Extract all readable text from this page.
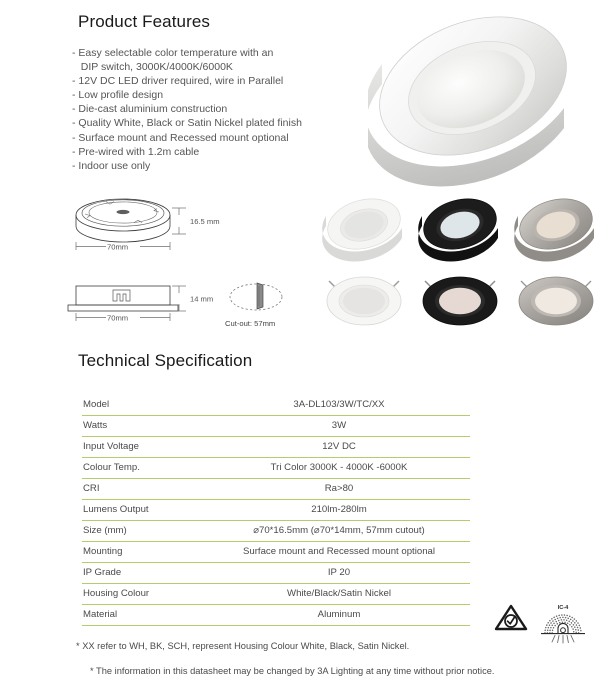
Product Features
- Easy selectable color temperature with an
DIP switch, 3000K/4000K/6000K
- 12V DC LED driver required, wire in Parallel
- Low profile design
- Die-cast aluminium construction
- Quality White, Black or Satin Nickel plated finish
- Surface mount and Recessed mount optional
- Pre-wired with 1.2m cable
- Indoor use only
16.5 mm
70mm
14 mm
70mm
Cut-out: 57mm
Technical Specification
Model	3A-DL103/3W/TC/XX
Watts	3W
Input Voltage	12V DC
Colour Temp.	Tri Color 3000K - 4000K -6000K
CRI	Ra>80
Lumens Output	210lm-280lm
Size (mm)	⌀70*16.5mm (⌀70*14mm, 57mm cutout)
Mounting	Surface mount and Recessed mount optional
IP Grade	IP 20
Housing Colour	White/Black/Satin Nickel
Material	Aluminum
IC-4
* XX refer to WH, BK, SCH, represent Housing Colour White, Black, Satin Nickel.
* The information in this datasheet may be changed by 3A Lighting at any time without prior notice.
